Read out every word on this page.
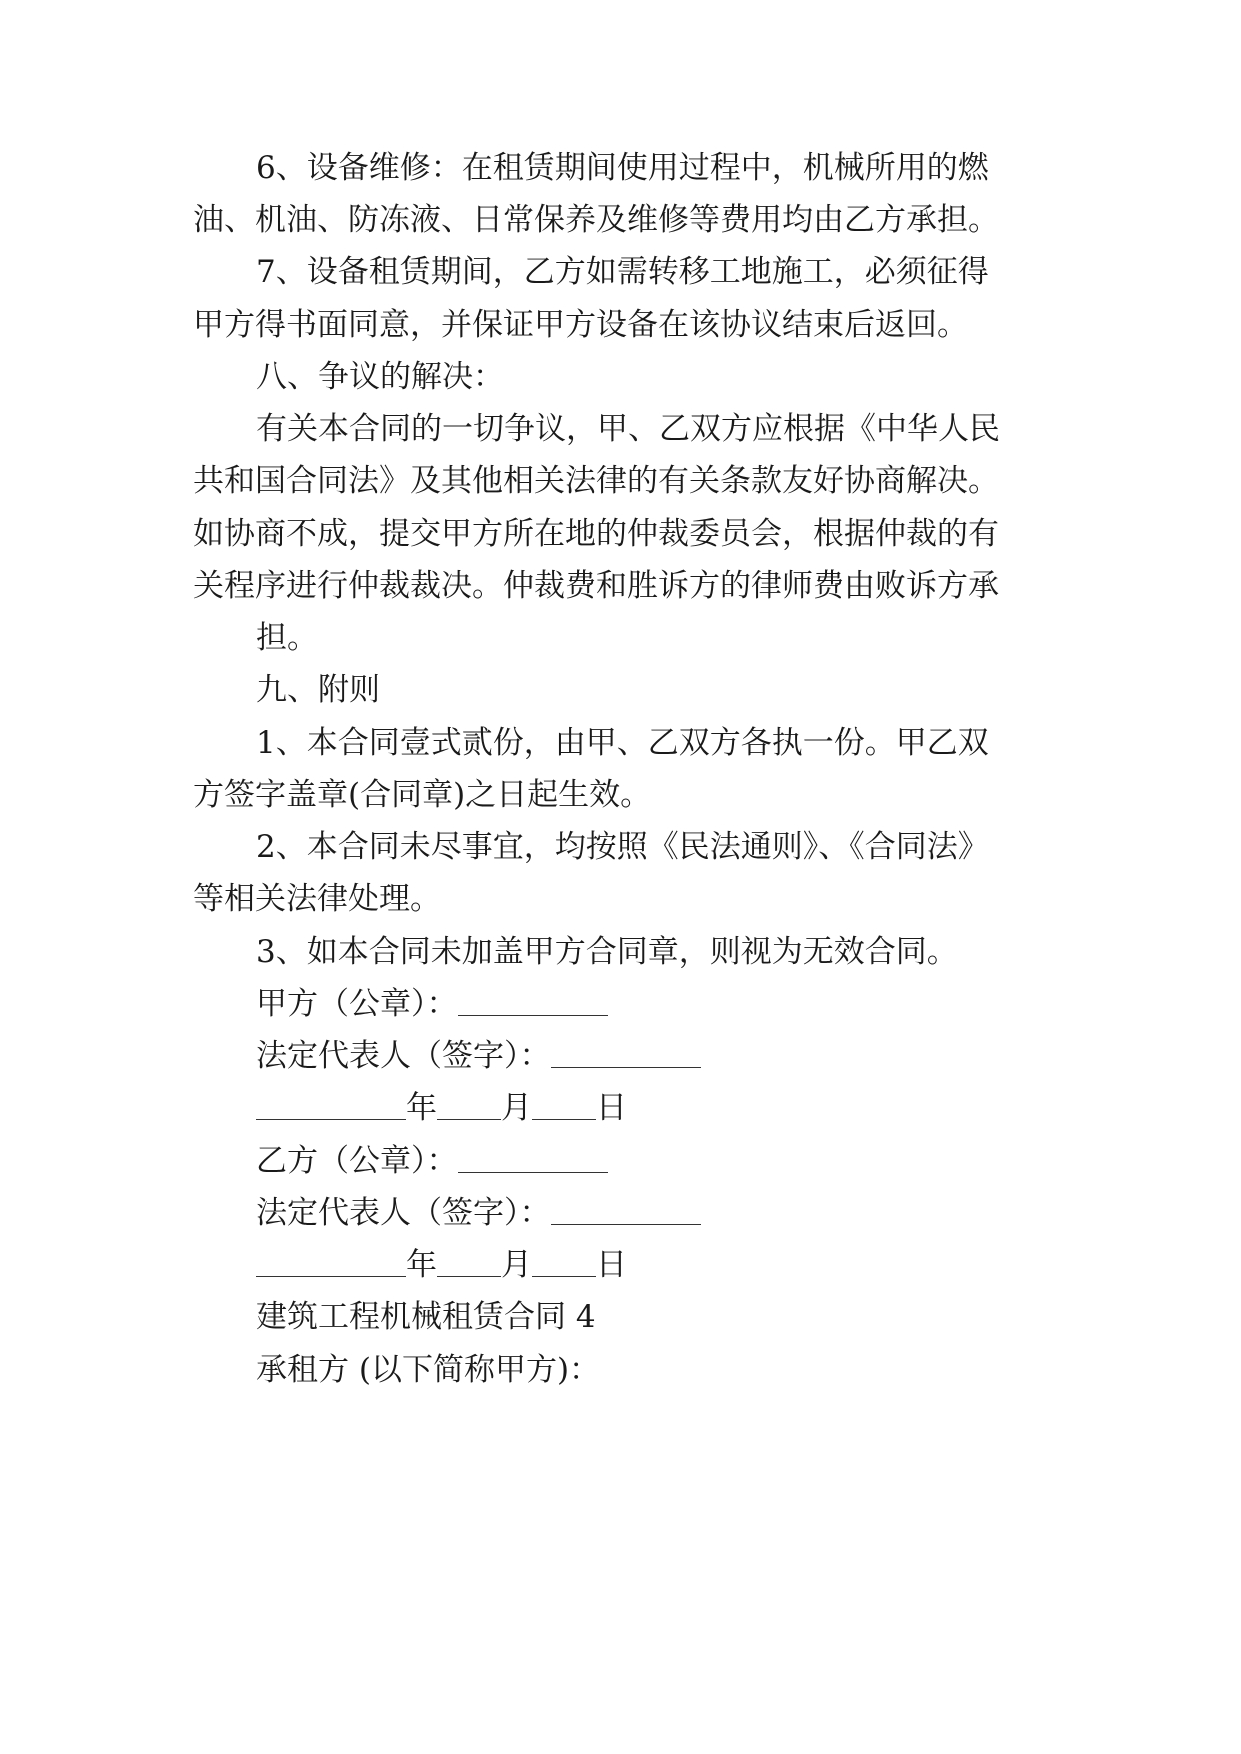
6、设备维修：在租赁期间使用过程中，机械所用的燃
油、机油、防冻液、日常保养及维修等费用均由乙方承担。
7、设备租赁期间，乙方如需转移工地施工，必须征得
甲方得书面同意，并保证甲方设备在该协议结束后返回。
八、争议的解决：
有关本合同的一切争议，甲、乙双方应根据《中华人民
共和国合同法》及其他相关法律的有关条款友好协商解决。
如协商不成，提交甲方所在地的仲裁委员会，根据仲裁的有
关程序进行仲裁裁决。仲裁费和胜诉方的律师费由败诉方承
担。
九、附则
1、本合同壹式贰份，由甲、乙双方各执一份。甲乙双
方签字盖章(合同章)之日起生效。
2、本合同未尽事宜，均按照《民法通则》、《合同法》
等相关法律处理。
3、如本合同未加盖甲方合同章，则视为无效合同。
甲方（公章）：
法定代表人（签字）：
年 月 日
乙方（公章）：
法定代表人（签字）：
年 月 日
建筑工程机械租赁合同 4
承租方 (以下简称甲方)：
